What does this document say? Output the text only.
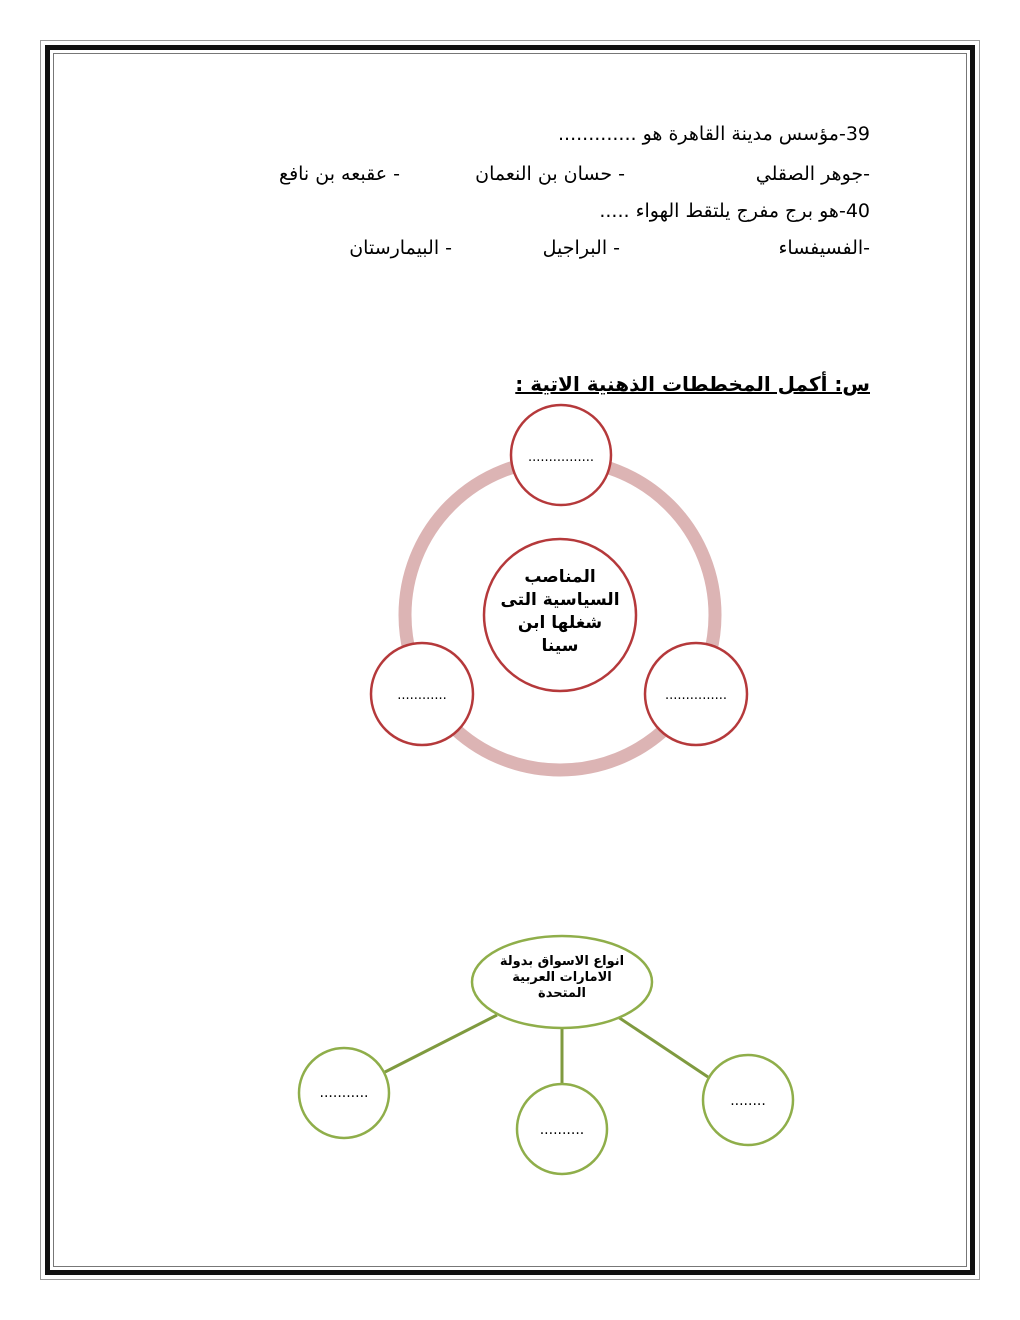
39-مؤسس مدينة القاهرة هو .............
-جوهر الصقلي
- حسان بن النعمان
- عقبعه بن نافع
40-هو برج مفرج يلتقط الهواء .....
-الفسيفساء
- البراجيل
- البيمارستان
س: أكمل المخططات الذهنية الاتية :
المناصب السياسية التى شغلها ابن سينا
................
............	...............
انواع الاسواق بدولة الامارات العربية المتحدة
...........
..........
........
